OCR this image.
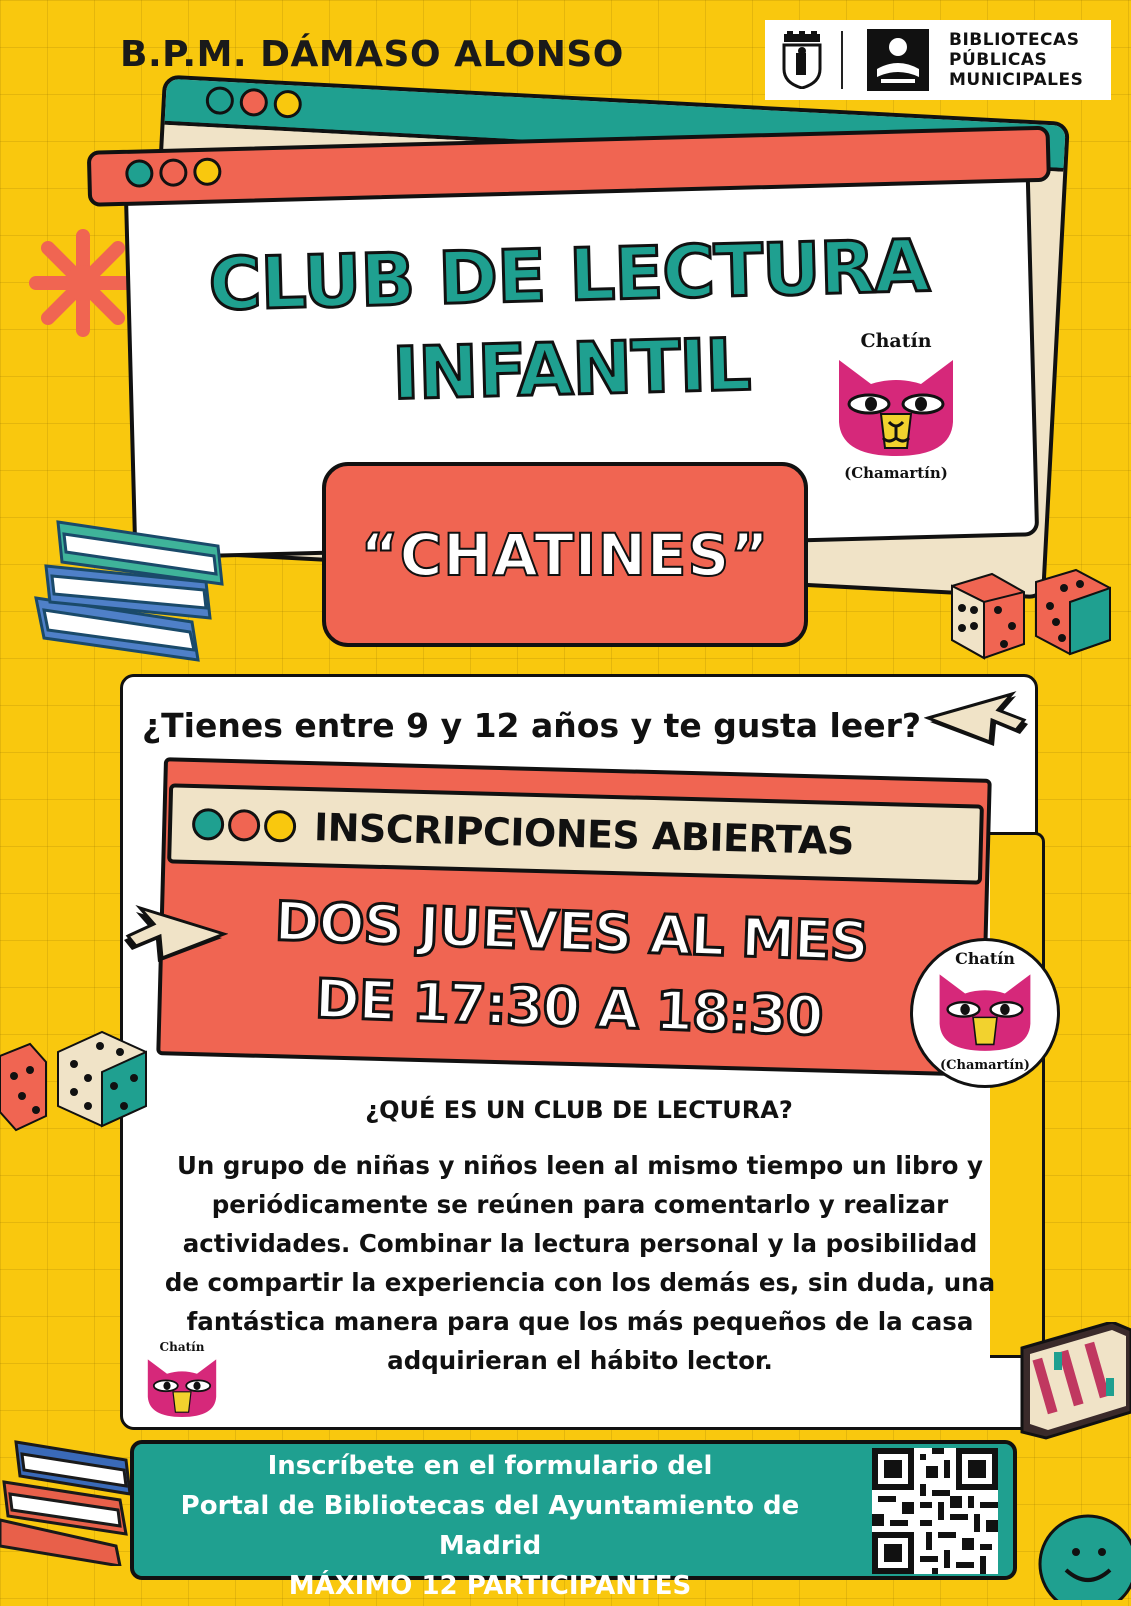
B.P.M. DÁMASO ALONSO	BIBLIOTECAS
PÚBLICAS
MUNICIPALES
CLUB DE LECTURA
INFANTIL	Chatín
(Chamartín)
“CHATINES”
¿Tienes entre 9 y 12 años y te gusta leer?
INSCRIPCIONES ABIERTAS
DOS JUEVES AL MES
DE 17:30 A 18:30
Chatín
(Chamartín)
¿QUÉ ES UN CLUB DE LECTURA?
Un grupo de niñas y niños leen al mismo tiempo un libro y
periódicamente se reúnen para comentarlo y realizar
actividades. Combinar la lectura personal y la posibilidad
de compartir la experiencia con los demás es, sin duda, una
fantástica manera para que los más pequeños de la casa
adquirieran el hábito lector.
Chatín
Inscríbete en el formulario del
Portal de Bibliotecas del Ayuntamiento de Madrid
MÁXIMO 12 PARTICIPANTES
